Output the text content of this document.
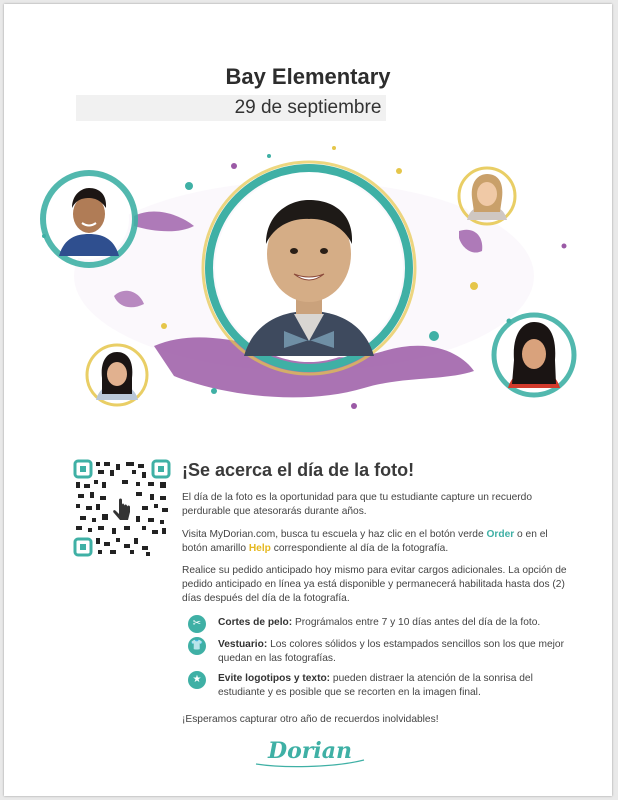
Bay Elementary

29 de septiembre

¡Se acerca el día de la foto!

El día de la foto es la oportunidad para que tu estudiante capture un recuerdo perdurable que atesorarás durante años.

Visita MyDorian.com, busca tu escuela y haz clic en el botón verde Order o en el botón amarillo Help correspondiente al día de la fotografía.

Realice su pedido anticipado hoy mismo para evitar cargos adicionales. La opción de pedido anticipado en línea ya está disponible y permanecerá habilitada hasta dos (2) días después del día de la fotografía.

✂	Cortes de pelo: Prográmalos entre 7 y 10 días antes del día de la foto.
👕 Vestuario: Los colores sólidos y los estampados sencillos son los que mejor quedan en las fotografías.
★	Evite logotipos y texto: pueden distraer la atención de la sonrisa del estudiante y es posible que se recorten en la imagen final.

¡Esperamos capturar otro año de recuerdos inolvidables!

Dorian
